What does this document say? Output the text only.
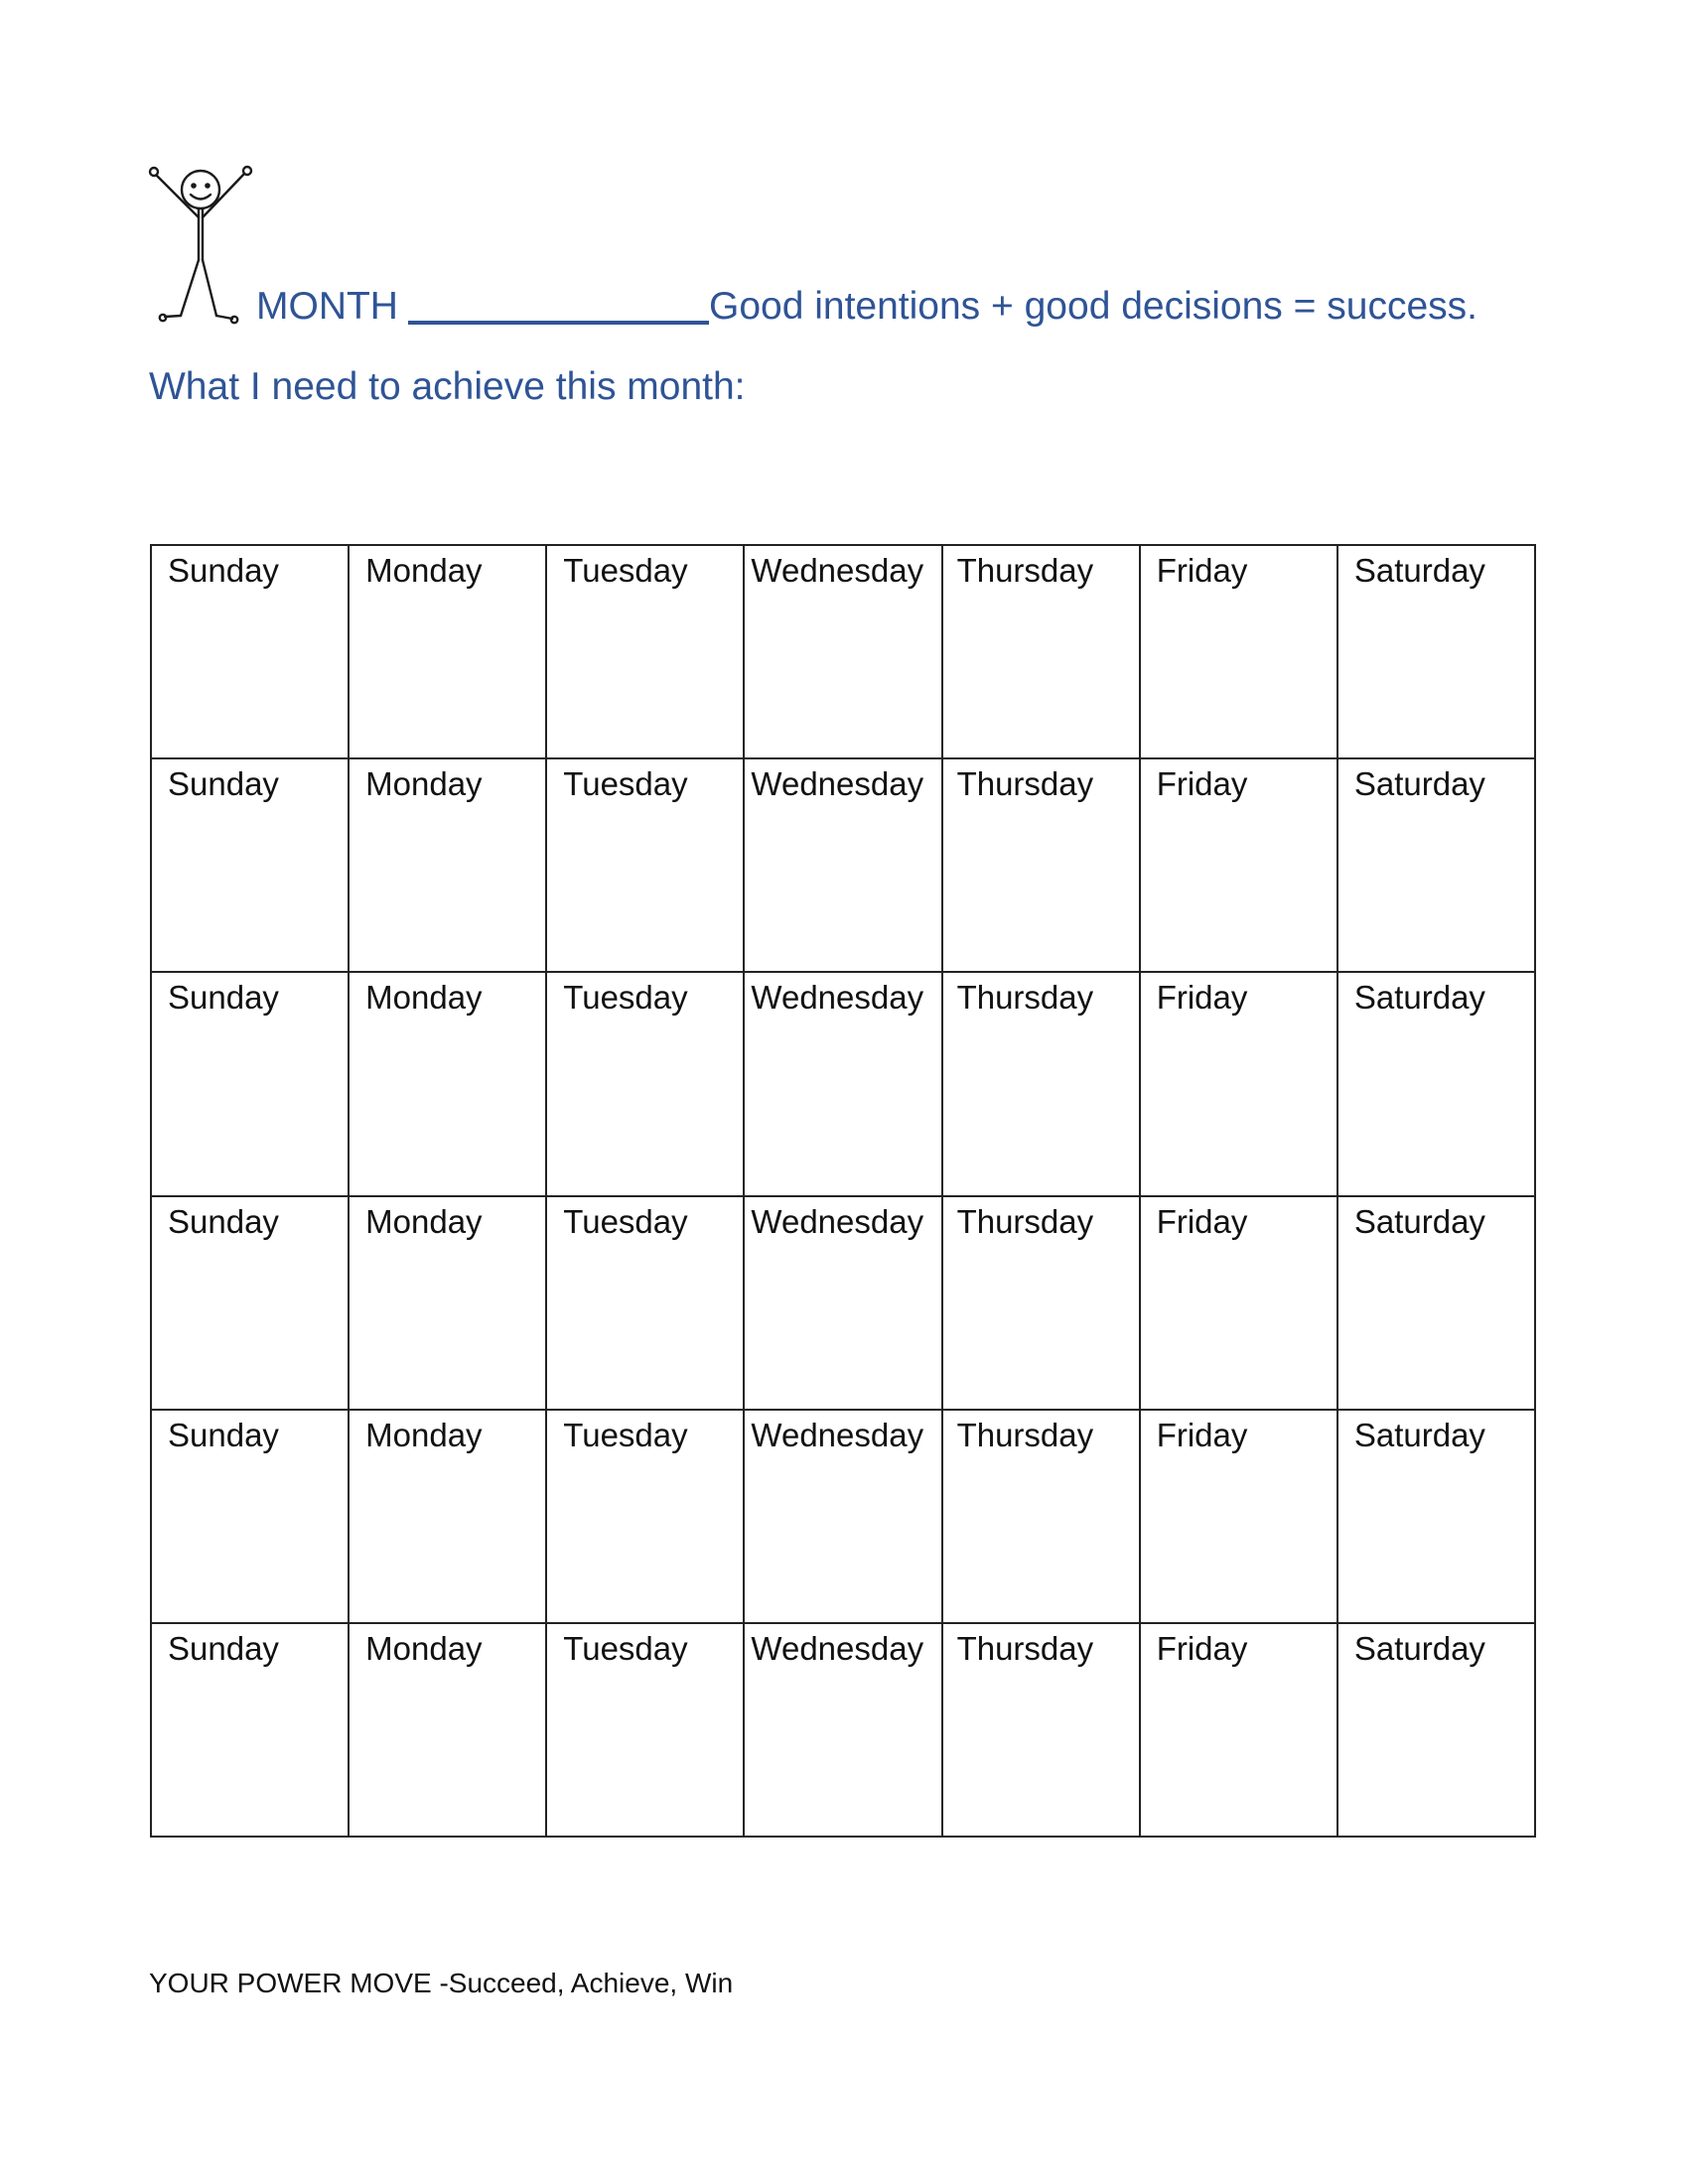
MONTH	Good intentions + good decisions = success.
What I need to achieve this month:
Sunday	Monday	Tuesday	Wednesday	Thursday	Friday	Saturday

Sunday	Monday	Tuesday	Wednesday	Thursday	Friday	Saturday

Sunday	Monday	Tuesday	Wednesday	Thursday	Friday	Saturday

Sunday	Monday	Tuesday	Wednesday	Thursday	Friday	Saturday

Sunday	Monday	Tuesday	Wednesday	Thursday	Friday	Saturday

Sunday	Monday	Tuesday	Wednesday	Thursday	Friday	Saturday
YOUR POWER MOVE -Succeed, Achieve, Win
